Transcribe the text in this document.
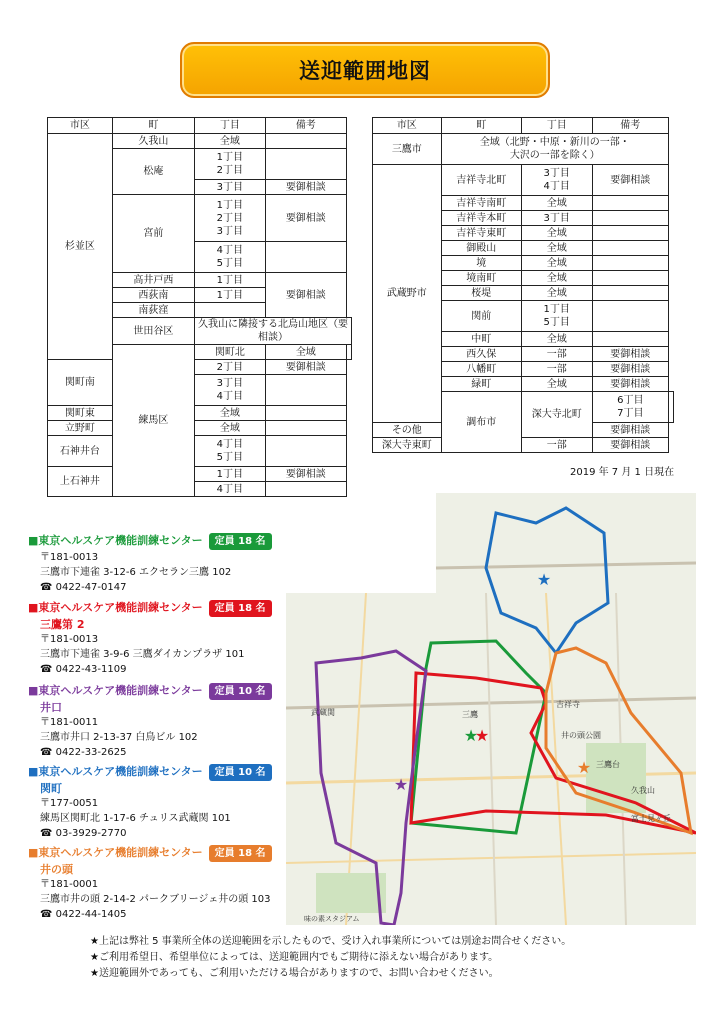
送迎範囲地図
市区	町	丁目	備考	
杉並区	久我山	全域		
	松庵	1丁目
2丁目		
		3丁目	要御相談	
	宮前	1丁目
2丁目
3丁目	要御相談	
		4丁目
5丁目		
	高井戸西	1丁目	要御相談	
	西荻南	1丁目		
	南荻窪			
	世田谷区	久我山に隣接する北烏山地区（要相談）		
	練馬区	関町北	全域	
関町南		2丁目	要御相談	
		3丁目
4丁目		
関町東		全域		
立野町		全域		
石神井台		4丁目
5丁目		
上石神井		1丁目	要御相談	
		4丁目		
市区	町	丁目	備考	
三鷹市	全域（北野・中原・新川の一部・
大沢の一部を除く）			
武蔵野市	吉祥寺北町	3丁目
4丁目	要御相談	
	吉祥寺南町	全域		
	吉祥寺本町	3丁目		
	吉祥寺東町	全域		
	御殿山	全域		
	境	全域		
	境南町	全域		
	桜堤	全域		
	関前	1丁目
5丁目		
	中町	全域		
	西久保	一部	要御相談	
	八幡町	一部	要御相談	
	緑町	全域	要御相談	
	調布市	深大寺北町	6丁目
7丁目	
その他			要御相談	
深大寺東町		一部	要御相談	
2019 年 7 月 1 日現在
■東京ヘルスケア機能訓練センター 定員 18 名
〒181-0013
三鷹市下連雀 3-12-6 エクセラン三鷹 102
☎ 0422-47-0147
■東京ヘルスケア機能訓練センター 定員 18 名
三鷹第 2
〒181-0013
三鷹市下連雀 3-9-6 三鷹ダイカンプラザ 101
☎ 0422-43-1109
■東京ヘルスケア機能訓練センター 定員 10 名
井口
〒181-0011
三鷹市井口 2-13-37 白鳥ビル 102
☎ 0422-33-2625
■東京ヘルスケア機能訓練センター 定員 10 名
関町
〒177-0051
練馬区関町北 1-17-6 チュリス武蔵関 101
☎ 03-3929-2770
■東京ヘルスケア機能訓練センター 定員 18 名
井の頭
〒181-0001
三鷹市井の頭 2-14-2 パークブリージェ井の頭 103
☎ 0422-44-1405
★
★
★
★
★
武蔵関	三鷹
吉祥寺
井の頭公園
三鷹台
久我山
富士見ヶ丘
味の素スタジアム
★上記は弊社 5 事業所全体の送迎範囲を示したもので、受け入れ事業所については別途お問合せください。
★ご利用希望日、希望単位によっては、送迎範囲内でもご期待に添えない場合があります。
★送迎範囲外であっても、ご利用いただける場合がありますので、お問い合わせください。
